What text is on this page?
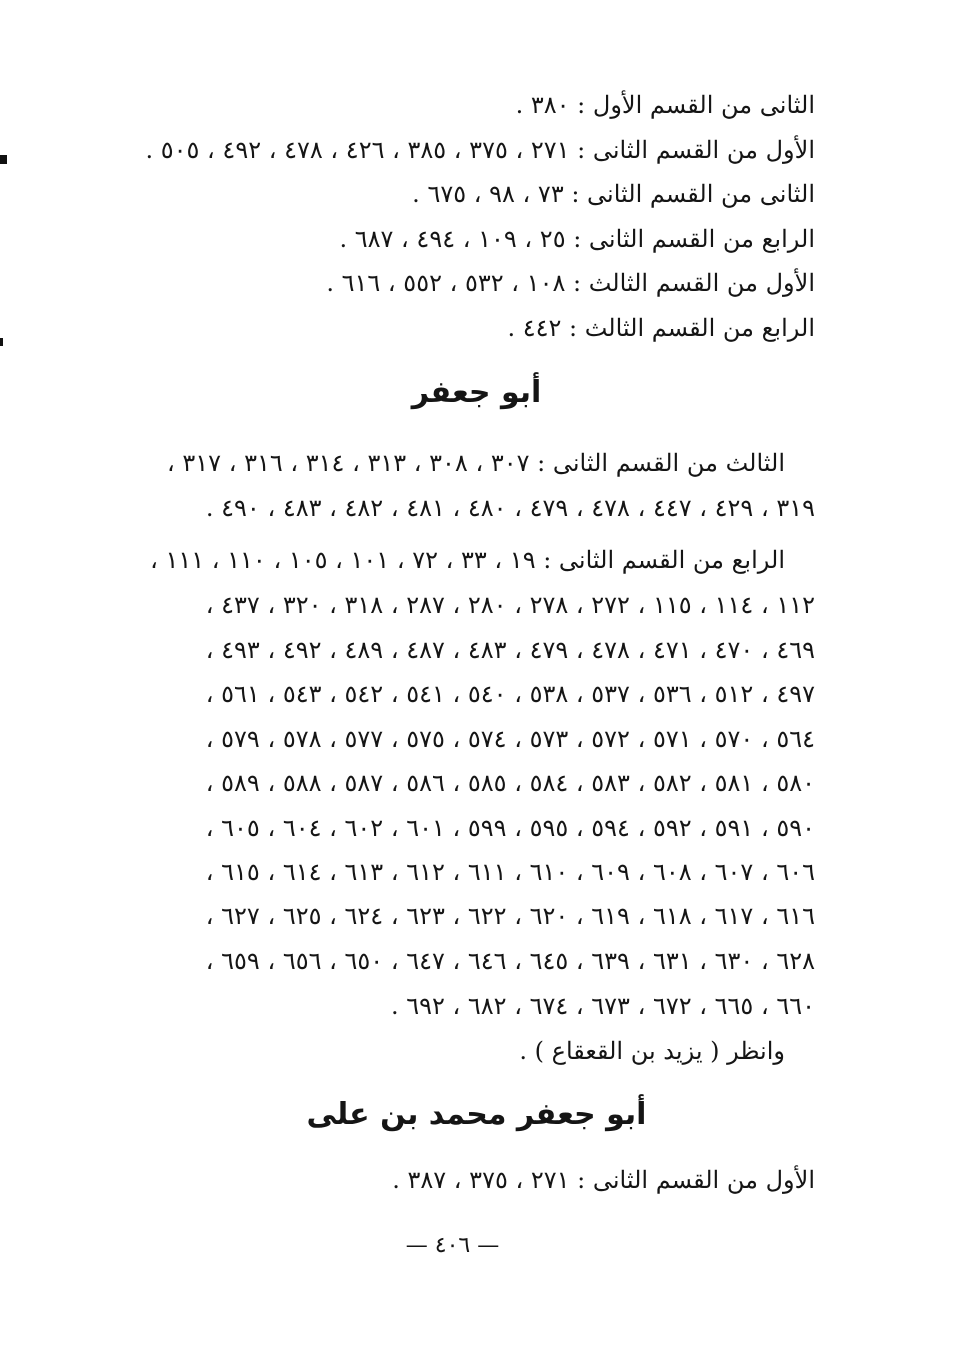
الثانى من القسم الأول : ٣٨٠ .
الأول من القسم الثانى : ٢٧١ ، ٣٧٥ ، ٣٨٥ ، ٤٢٦ ، ٤٧٨ ، ٤٩٢ ، ٥٠٥ .
الثانى من القسم الثانى : ٧٣ ، ٩٨ ، ٦٧٥ .
الرابع من القسم الثانى : ٢٥ ، ١٠٩ ، ٤٩٤ ، ٦٨٧ .
الأول من القسم الثالث : ١٠٨ ، ٥٣٢ ، ٥٥٢ ، ٦١٦ .
الرابع من القسم الثالث : ٤٤٢ .
أبو جعفر
الثالث من القسم الثانى : ٣٠٧ ، ٣٠٨ ، ٣١٣ ، ٣١٤ ، ٣١٦ ، ٣١٧ ،
٣١٩ ، ٤٢٩ ، ٤٤٧ ، ٤٧٨ ، ٤٧٩ ، ٤٨٠ ، ٤٨١ ، ٤٨٢ ، ٤٨٣ ، ٤٩٠ .
الرابع من القسم الثانى : ١٩ ، ٣٣ ، ٧٢ ، ١٠١ ، ١٠٥ ، ١١٠ ، ١١١ ،
١١٢ ، ١١٤ ، ١١٥ ، ٢٧٢ ، ٢٧٨ ، ٢٨٠ ، ٢٨٧ ، ٣١٨ ، ٣٢٠ ، ٤٣٧ ،
٤٦٩ ، ٤٧٠ ، ٤٧١ ، ٤٧٨ ، ٤٧٩ ، ٤٨٣ ، ٤٨٧ ، ٤٨٩ ، ٤٩٢ ، ٤٩٣ ،
٤٩٧ ، ٥١٢ ، ٥٣٦ ، ٥٣٧ ، ٥٣٨ ، ٥٤٠ ، ٥٤١ ، ٥٤٢ ، ٥٤٣ ، ٥٦١ ،
٥٦٤ ، ٥٧٠ ، ٥٧١ ، ٥٧٢ ، ٥٧٣ ، ٥٧٤ ، ٥٧٥ ، ٥٧٧ ، ٥٧٨ ، ٥٧٩ ،
٥٨٠ ، ٥٨١ ، ٥٨٢ ، ٥٨٣ ، ٥٨٤ ، ٥٨٥ ، ٥٨٦ ، ٥٨٧ ، ٥٨٨ ، ٥٨٩ ،
٥٩٠ ، ٥٩١ ، ٥٩٢ ، ٥٩٤ ، ٥٩٥ ، ٥٩٩ ، ٦٠١ ، ٦٠٢ ، ٦٠٤ ، ٦٠٥ ،
٦٠٦ ، ٦٠٧ ، ٦٠٨ ، ٦٠٩ ، ٦١٠ ، ٦١١ ، ٦١٢ ، ٦١٣ ، ٦١٤ ، ٦١٥ ،
٦١٦ ، ٦١٧ ، ٦١٨ ، ٦١٩ ، ٦٢٠ ، ٦٢٢ ، ٦٢٣ ، ٦٢٤ ، ٦٢٥ ، ٦٢٧ ،
٦٢٨ ، ٦٣٠ ، ٦٣١ ، ٦٣٩ ، ٦٤٥ ، ٦٤٦ ، ٦٤٧ ، ٦٥٠ ، ٦٥٦ ، ٦٥٩ ،
٦٦٠ ، ٦٦٥ ، ٦٧٢ ، ٦٧٣ ، ٦٧٤ ، ٦٨٢ ، ٦٩٢ .
وانظر ( يزيد بن القعقاع ) .
أبو جعفر محمد بن على
الأول من القسم الثانى : ٢٧١ ، ٣٧٥ ، ٣٨٧ .
— ٤٠٦ —
